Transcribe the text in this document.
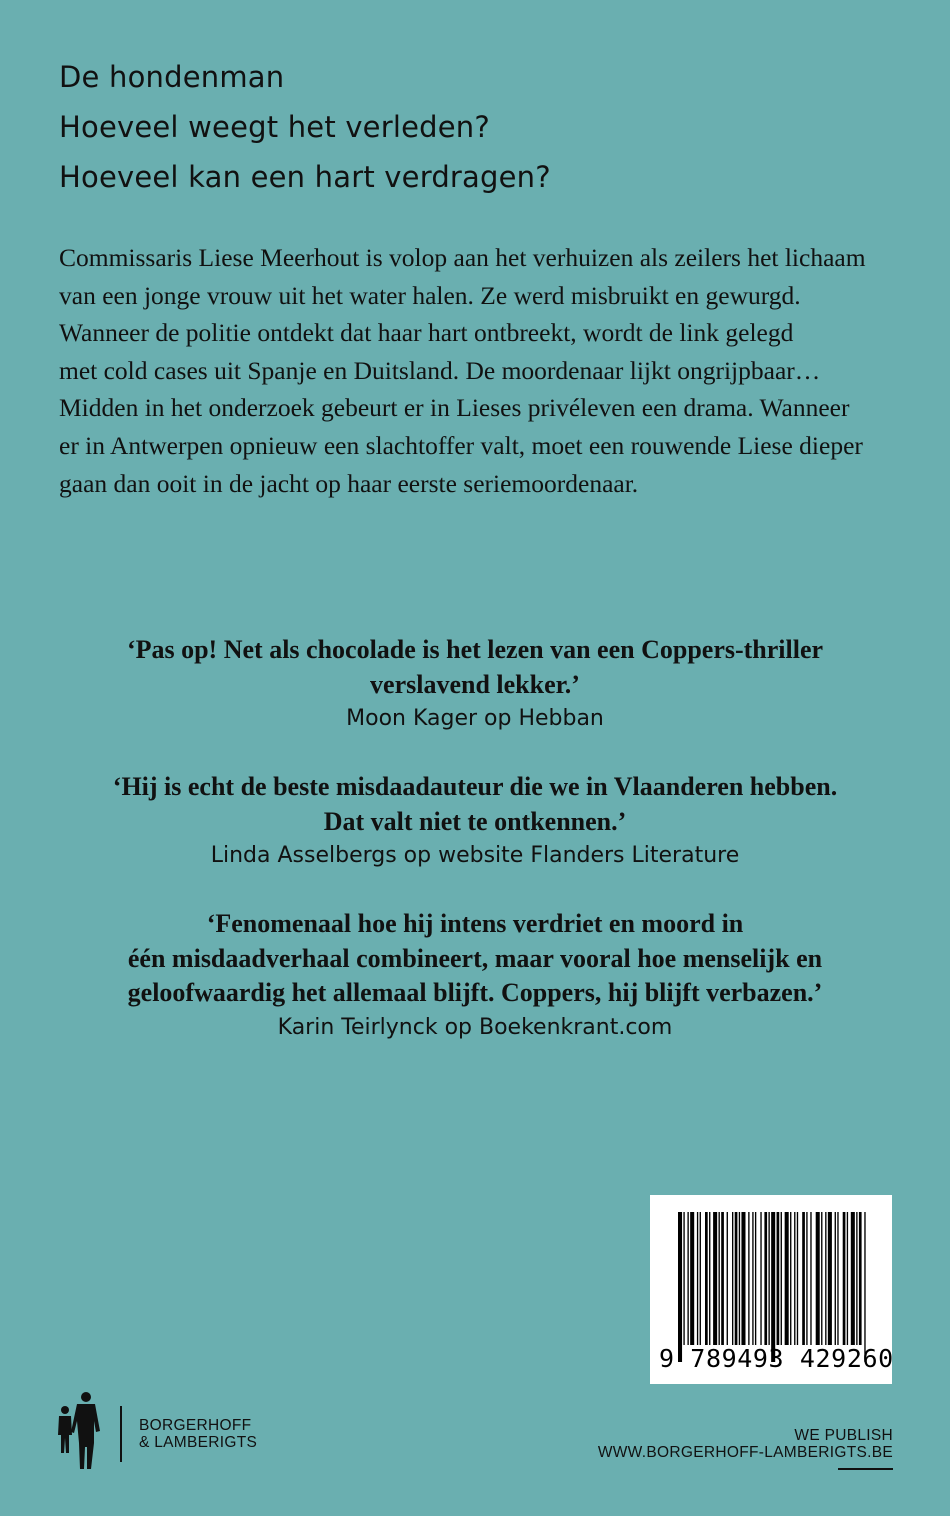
De hondenman
Hoeveel weegt het verleden?
Hoeveel kan een hart verdragen?
Commissaris Liese Meerhout is volop aan het verhuizen als zeilers het lichaam
van een jonge vrouw uit het water halen. Ze werd misbruikt en gewurgd.
Wanneer de politie ontdekt dat haar hart ontbreekt, wordt de link gelegd
met cold cases uit Spanje en Duitsland. De moordenaar lijkt ongrijpbaar…
Midden in het onderzoek gebeurt er in Lieses privéleven een drama. Wanneer
er in Antwerpen opnieuw een slachtoffer valt, moet een rouwende Liese dieper
gaan dan ooit in de jacht op haar eerste seriemoordenaar.
‘Pas op! Net als chocolade is het lezen van een Coppers-thriller
verslavend lekker.’
Moon Kager op Hebban
‘Hij is echt de beste misdaadauteur die we in Vlaanderen hebben.
Dat valt niet te ontkennen.’
Linda Asselbergs op website Flanders Literature
‘Fenomenaal hoe hij intens verdriet en moord in
één misdaadverhaal combineert, maar vooral hoe menselijk en
geloofwaardig het allemaal blijft. Coppers, hij blijft verbazen.’
Karin Teirlynck op Boekenkrant.com
9 789493 429260
BORGERHOFF
& LAMBERIGTS	WE PUBLISH
WWW.BORGERHOFF-LAMBERIGTS.BE
